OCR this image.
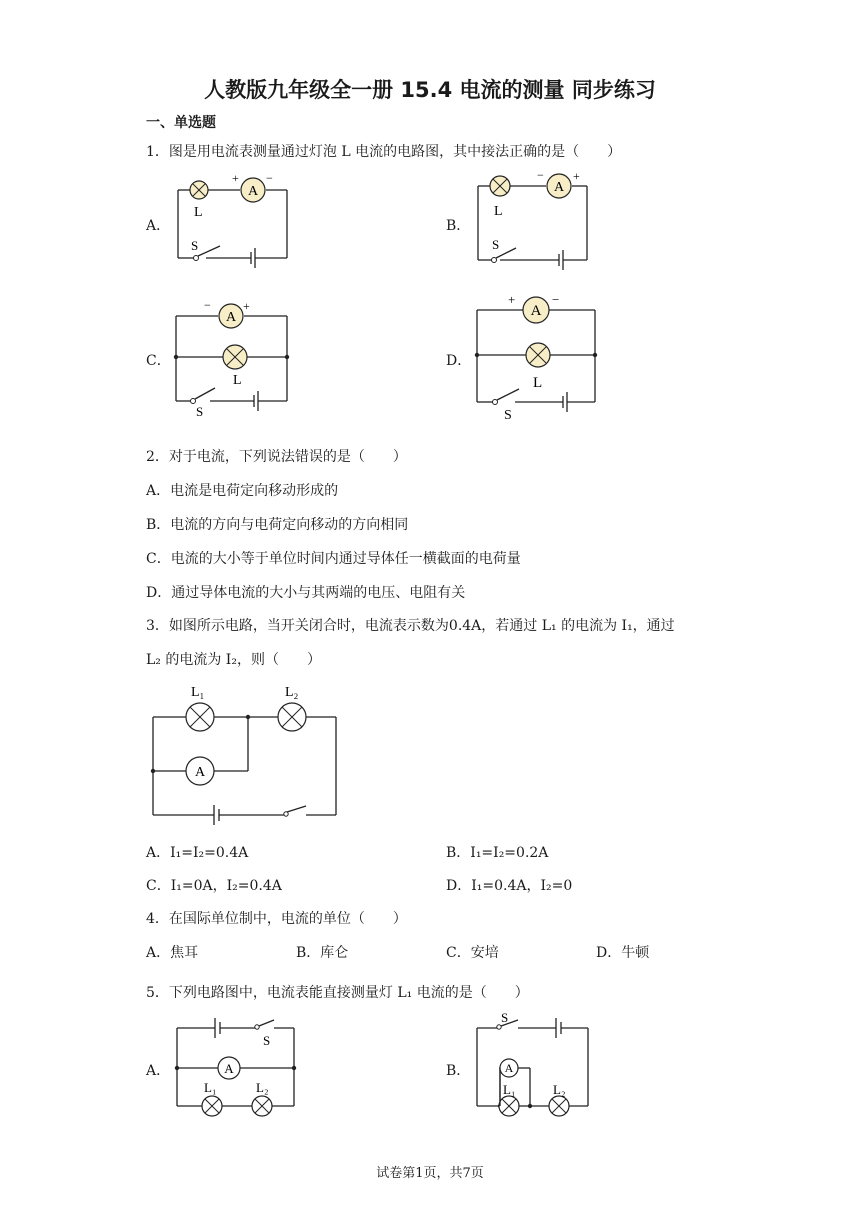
人教版九年级全一册 15.4 电流的测量 同步练习
一、单选题
1．图是用电流表测量通过灯泡 L 电流的电路图，其中接法正确的是（　　）
A．	B．
C．	D．
A
+ −
L
S
A
− +
L
S
A
−	+
L
S
A
+	−
L
S
2．对于电流，下列说法错误的是（　　）
A．电流是电荷定向移动形成的
B．电流的方向与电荷定向移动的方向相同
C．电流的大小等于单位时间内通过导体任一横截面的电荷量
D．通过导体电流的大小与其两端的电压、电阻有关
3．如图所示电路，当开关闭合时，电流表示数为0.4A，若通过 L₁ 的电流为 I₁，通过
L₂ 的电流为 I₂，则（　　）
A
L₁	L₂
A．I₁=I₂=0.4A	B．I₁=I₂=0.2A
C．I₁=0A，I₂=0.4A	D．I₁=0.4A，I₂=0
4．在国际单位制中，电流的单位（　　）
A．焦耳	B．库仑	C．安培	D．牛顿
5．下列电路图中，电流表能直接测量灯 L₁ 电流的是（　　）
A．	B．
A
S
L₁	L₂
A
S
L₁	L₂
试卷第1页，共7页
